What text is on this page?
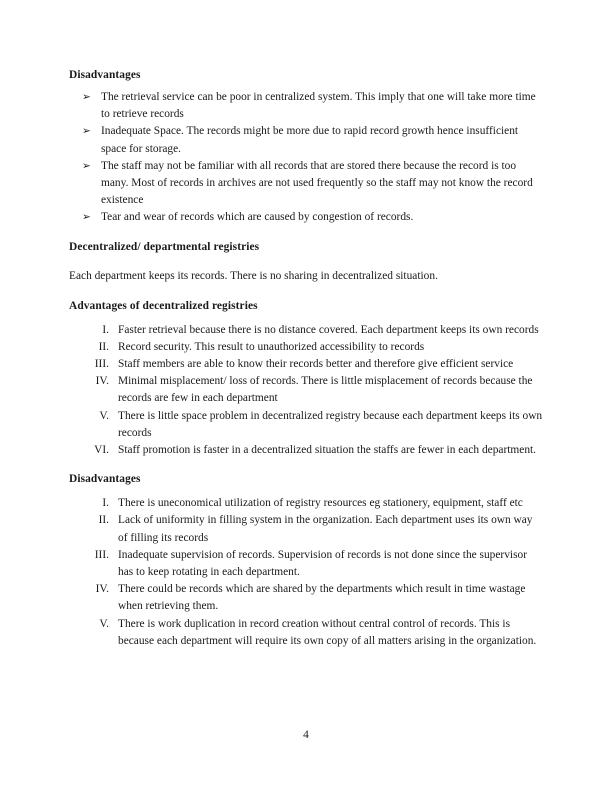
Disadvantages
➢ The retrieval service can be poor in centralized system. This imply that one will take more time to retrieve records
➢ Inadequate Space. The records might be more due to rapid record growth hence insufficient space for storage.
➢ The staff may not be familiar with all records that are stored there because the record is too many. Most of records in archives are not used frequently so the staff may not know the record existence
➢ Tear and wear of records which are caused by congestion of records.
Decentralized/ departmental registries

Each department keeps its records. There is no sharing in decentralized situation.

Advantages of decentralized registries
I. Faster retrieval because there is no distance covered. Each department keeps its own records
II. Record security. This result to unauthorized accessibility to records
III. Staff members are able to know their records better and therefore give efficient service
IV. Minimal misplacement/ loss of records. There is little misplacement of records because the records are few in each department
V. There is little space problem in decentralized registry because each department keeps its own records
VI. Staff promotion is faster in a decentralized situation the staffs are fewer in each department.
Disadvantages
I. There is uneconomical utilization of registry resources eg stationery, equipment, staff etc
II. Lack of uniformity in filling system in the organization. Each department uses its own way of filling its records
III. Inadequate supervision of records. Supervision of records is not done since the supervisor has to keep rotating in each department.
IV. There could be records which are shared by the departments which result in time wastage when retrieving them.
V. There is work duplication in record creation without central control of records. This is because each department will require its own copy of all matters arising in the organization.
4
